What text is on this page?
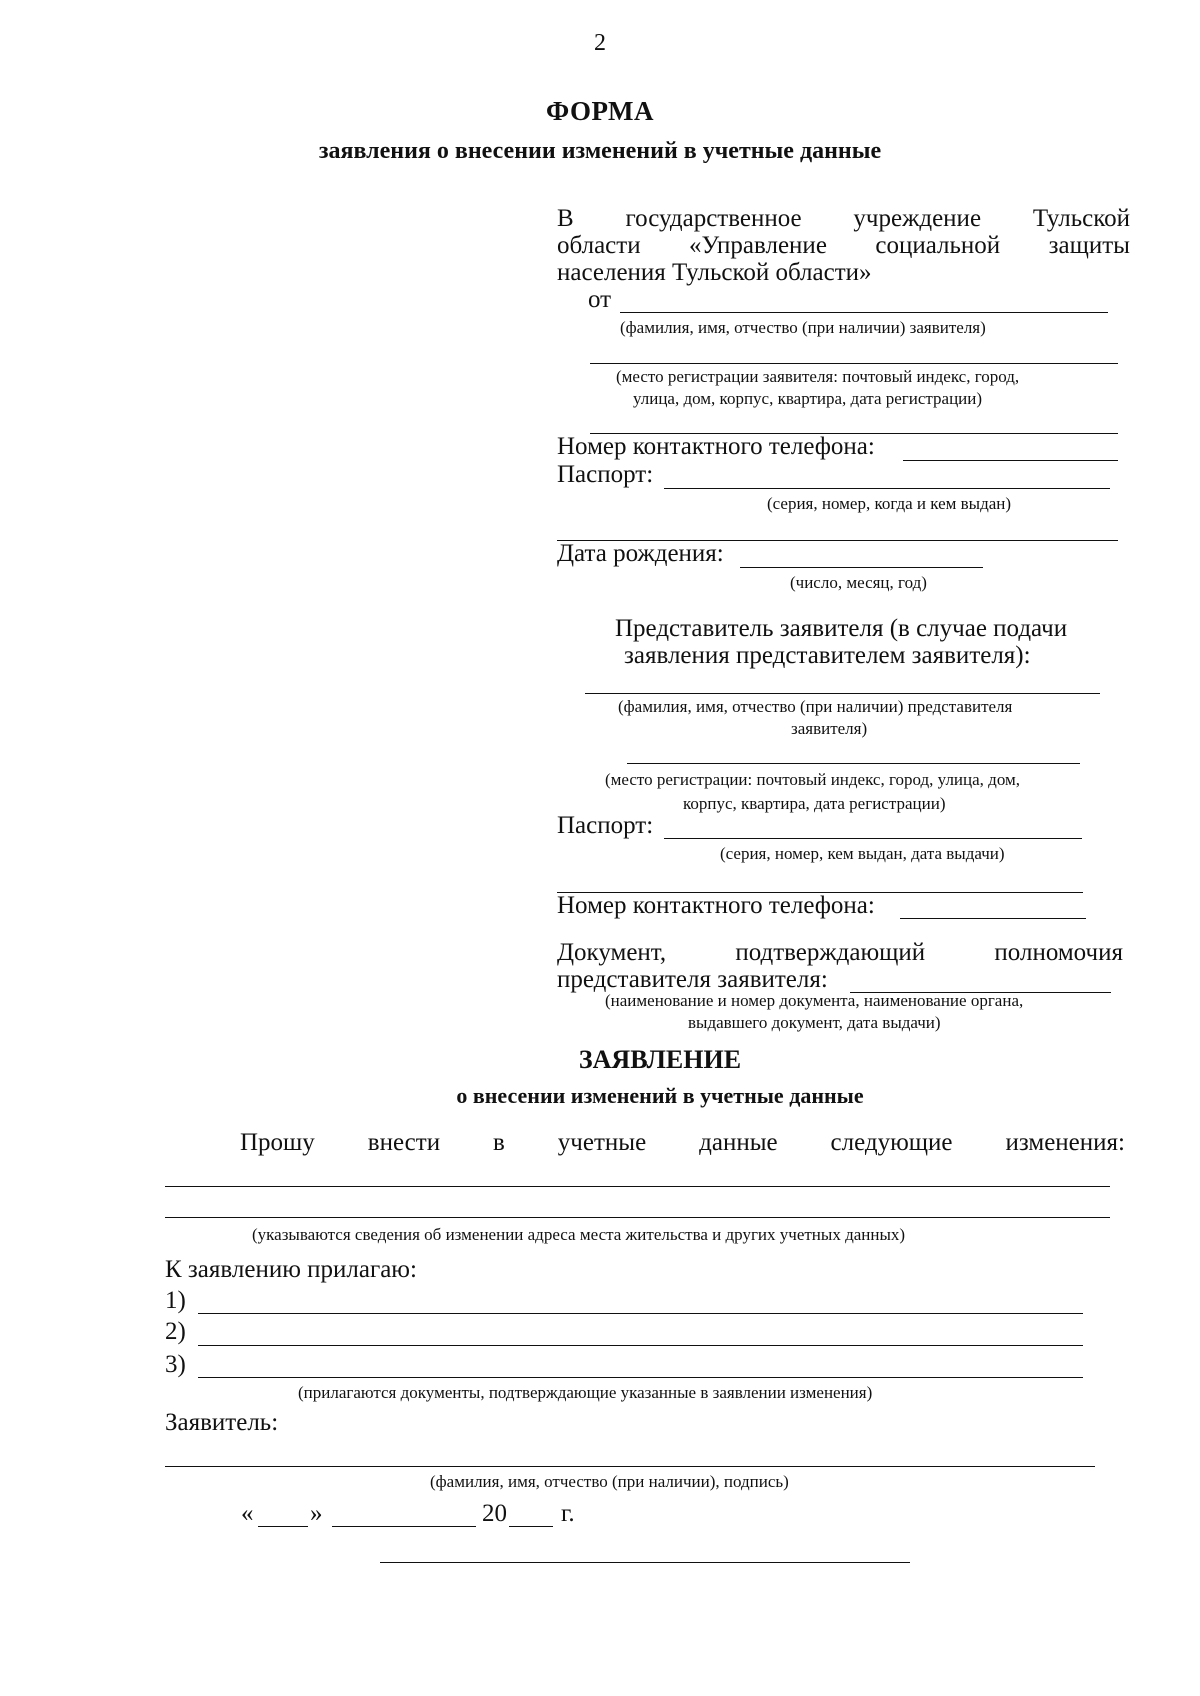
2
ФОРМА
заявления о внесении изменений в учетные данные
В государственное учреждение Тульской
области «Управление социальной защиты
населения Тульской области»
от
(фамилия, имя, отчество (при наличии) заявителя)
(место регистрации заявителя: почтовый индекс, город,
улица, дом, корпус, квартира, дата регистрации)
Номер контактного телефона:
Паспорт:
(серия, номер, когда и кем выдан)
Дата рождения:
(число, месяц, год)
Представитель заявителя (в случае подачи
заявления представителем заявителя):
(фамилия, имя, отчество (при наличии) представителя
заявителя)
(место регистрации: почтовый индекс, город, улица, дом,
корпус, квартира, дата регистрации)
Паспорт:
(серия, номер, кем выдан, дата выдачи)
Номер контактного телефона:
Документ,	подтверждающий	полномочия
представителя заявителя:
(наименование и номер документа, наименование органа,
выдавшего документ, дата выдачи)
ЗАЯВЛЕНИЕ
о внесении изменений в учетные данные
Прошу внести в учетные данные следующие изменения:
(указываются сведения об изменении адреса места жительства и других учетных данных)
К заявлению прилагаю:
1)
2)
3)
(прилагаются документы, подтверждающие указанные в заявлении изменения)
Заявитель:
(фамилия, имя, отчество (при наличии), подпись)
« »	20 г.
